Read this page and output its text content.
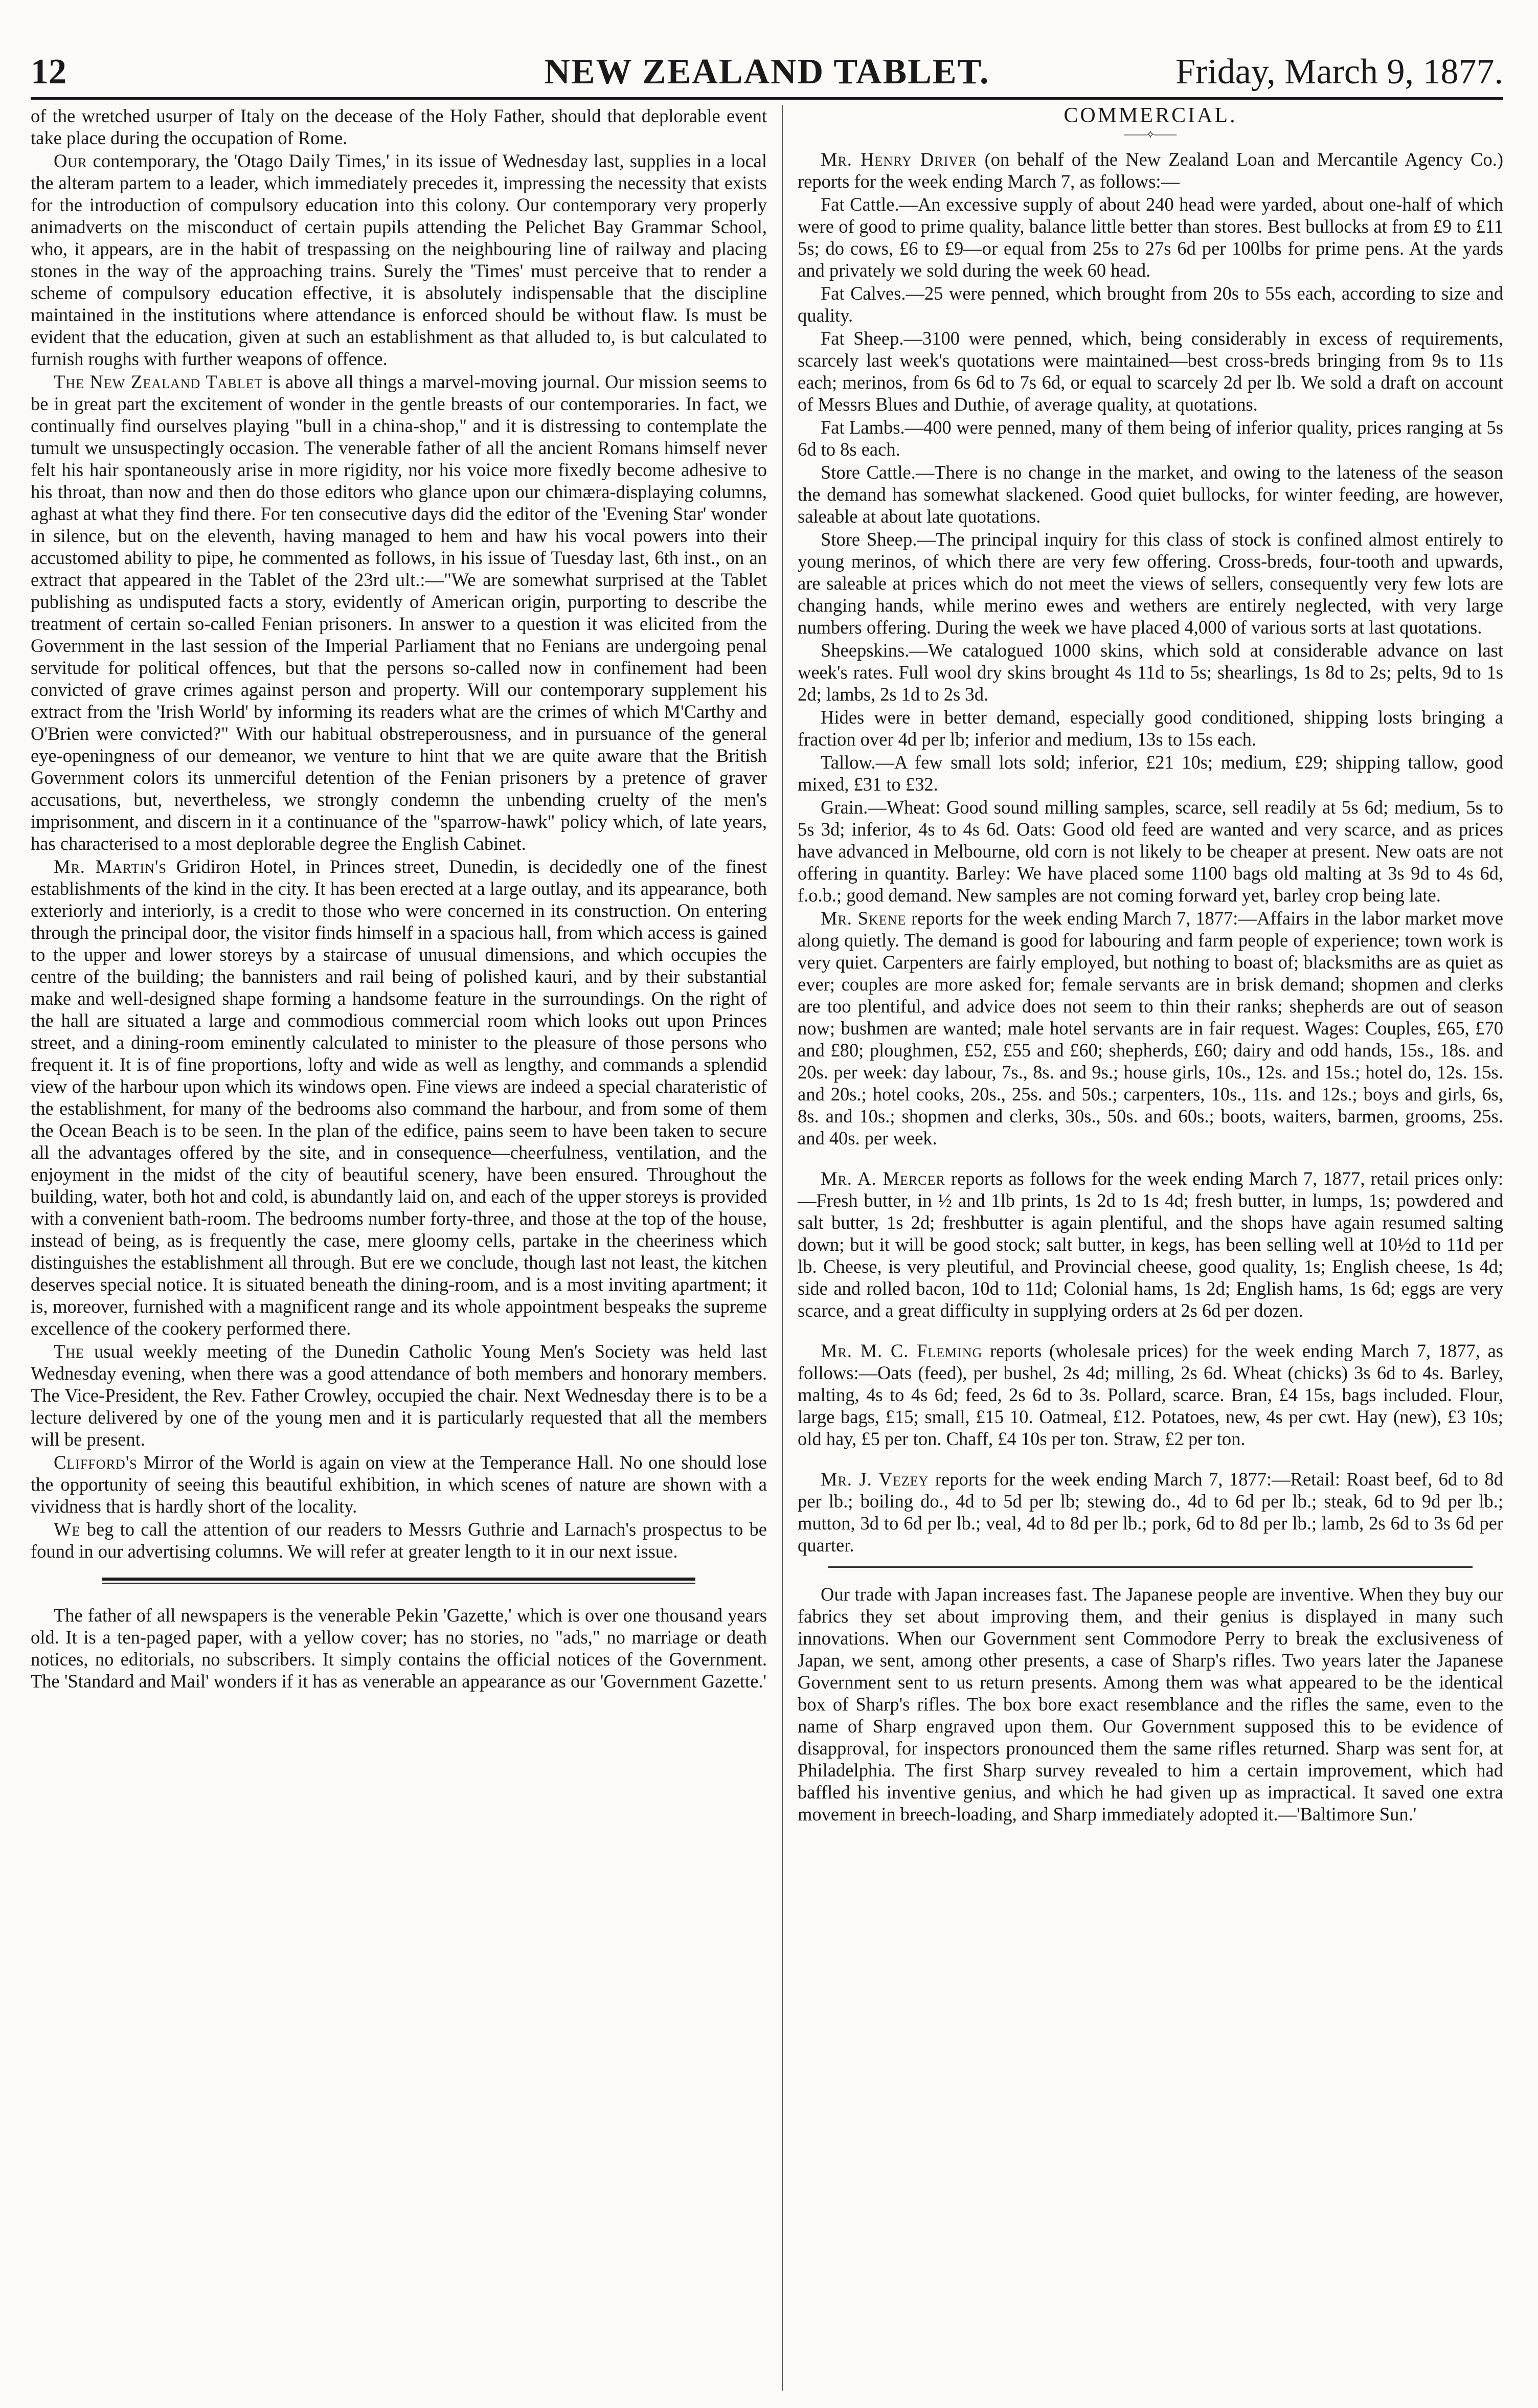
NEW ZEALAND TABLET.
12	Friday, March 9, 1877.

of the wretched usurper of Italy on the decease of the Holy Father, should that deplorable event take place during the occupation of Rome.

Our contemporary, the 'Otago Daily Times,' in its issue of Wednesday last, supplies in a local the alteram partem to a leader, which immediately precedes it, impressing the necessity that exists for the introduction of compulsory education into this colony. Our contemporary very properly animadverts on the misconduct of certain pupils attending the Pelichet Bay Grammar School, who, it appears, are in the habit of trespassing on the neighbouring line of railway and placing stones in the way of the approaching trains. Surely the 'Times' must perceive that to render a scheme of compulsory education effective, it is absolutely indispensable that the discipline maintained in the institutions where attendance is enforced should be without flaw. Is must be evident that the education, given at such an establishment as that alluded to, is but calculated to furnish roughs with further weapons of offence.

The New Zealand Tablet is above all things a marvel-moving journal. Our mission seems to be in great part the excitement of wonder in the gentle breasts of our contemporaries. In fact, we continually find ourselves playing "bull in a china-shop," and it is distressing to contemplate the tumult we unsuspectingly occasion. The venerable father of all the ancient Romans himself never felt his hair spontaneously arise in more rigidity, nor his voice more fixedly become adhesive to his throat, than now and then do those editors who glance upon our chimæra-displaying columns, aghast at what they find there. For ten consecutive days did the editor of the 'Evening Star' wonder in silence, but on the eleventh, having managed to hem and haw his vocal powers into their accustomed ability to pipe, he commented as follows, in his issue of Tuesday last, 6th inst., on an extract that appeared in the Tablet of the 23rd ult.:—"We are somewhat surprised at the Tablet publishing as undisputed facts a story, evidently of American origin, purporting to describe the treatment of certain so-called Fenian prisoners. In answer to a question it was elicited from the Government in the last session of the Imperial Parliament that no Fenians are undergoing penal servitude for political offences, but that the persons so-called now in confinement had been convicted of grave crimes against person and property. Will our contemporary supplement his extract from the 'Irish World' by informing its readers what are the crimes of which M'Carthy and O'Brien were convicted?" With our habitual obstreperousness, and in pursuance of the general eye-openingness of our demeanor, we venture to hint that we are quite aware that the British Government colors its unmerciful detention of the Fenian prisoners by a pretence of graver accusations, but, nevertheless, we strongly condemn the unbending cruelty of the men's imprisonment, and discern in it a continuance of the "sparrow-hawk" policy which, of late years, has characterised to a most deplorable degree the English Cabinet.

Mr. Martin's Gridiron Hotel, in Princes street, Dunedin, is decidedly one of the finest establishments of the kind in the city. It has been erected at a large outlay, and its appearance, both exteriorly and interiorly, is a credit to those who were concerned in its construction. On entering through the principal door, the visitor finds himself in a spacious hall, from which access is gained to the upper and lower storeys by a staircase of unusual dimensions, and which occupies the centre of the building; the bannisters and rail being of polished kauri, and by their substantial make and well-designed shape forming a handsome feature in the surroundings. On the right of the hall are situated a large and commodious commercial room which looks out upon Princes street, and a dining-room eminently calculated to minister to the pleasure of those persons who frequent it. It is of fine proportions, lofty and wide as well as lengthy, and commands a splendid view of the harbour upon which its windows open. Fine views are indeed a special charateristic of the establishment, for many of the bedrooms also command the harbour, and from some of them the Ocean Beach is to be seen. In the plan of the edifice, pains seem to have been taken to secure all the advantages offered by the site, and in consequence—cheerfulness, ventilation, and the enjoyment in the midst of the city of beautiful scenery, have been ensured. Throughout the building, water, both hot and cold, is abundantly laid on, and each of the upper storeys is provided with a convenient bath-room. The bedrooms number forty-three, and those at the top of the house, instead of being, as is frequently the case, mere gloomy cells, partake in the cheeriness which distinguishes the establishment all through. But ere we conclude, though last not least, the kitchen deserves special notice. It is situated beneath the dining-room, and is a most inviting apartment; it is, moreover, furnished with a magnificent range and its whole appointment bespeaks the supreme excellence of the cookery performed there.

The usual weekly meeting of the Dunedin Catholic Young Men's Society was held last Wednesday evening, when there was a good attendance of both members and honorary members. The Vice-President, the Rev. Father Crowley, occupied the chair. Next Wednesday there is to be a lecture delivered by one of the young men and it is particularly requested that all the members will be present.

Clifford's Mirror of the World is again on view at the Temperance Hall. No one should lose the opportunity of seeing this beautiful exhibition, in which scenes of nature are shown with a vividness that is hardly short of the locality.

We beg to call the attention of our readers to Messrs Guthrie and Larnach's prospectus to be found in our advertising columns. We will refer at greater length to it in our next issue.

The father of all newspapers is the venerable Pekin 'Gazette,' which is over one thousand years old. It is a ten-paged paper, with a yellow cover; has no stories, no "ads," no marriage or death notices, no editorials, no subscribers. It simply contains the official notices of the Government. The 'Standard and Mail' wonders if it has as venerable an appearance as our 'Government Gazette.'

COMMERCIAL.
——⟡——

Mr. Henry Driver (on behalf of the New Zealand Loan and Mercantile Agency Co.) reports for the week ending March 7, as follows:—

Fat Cattle.—An excessive supply of about 240 head were yarded, about one-half of which were of good to prime quality, balance little better than stores. Best bullocks at from £9 to £11 5s; do cows, £6 to £9—or equal from 25s to 27s 6d per 100lbs for prime pens. At the yards and privately we sold during the week 60 head.

Fat Calves.—25 were penned, which brought from 20s to 55s each, according to size and quality.

Fat Sheep.—3100 were penned, which, being considerably in excess of requirements, scarcely last week's quotations were maintained—best cross-breds bringing from 9s to 11s each; merinos, from 6s 6d to 7s 6d, or equal to scarcely 2d per lb. We sold a draft on account of Messrs Blues and Duthie, of average quality, at quotations.

Fat Lambs.—400 were penned, many of them being of inferior quality, prices ranging at 5s 6d to 8s each.

Store Cattle.—There is no change in the market, and owing to the lateness of the season the demand has somewhat slackened. Good quiet bullocks, for winter feeding, are however, saleable at about late quotations.

Store Sheep.—The principal inquiry for this class of stock is confined almost entirely to young merinos, of which there are very few offering. Cross-breds, four-tooth and upwards, are saleable at prices which do not meet the views of sellers, consequently very few lots are changing hands, while merino ewes and wethers are entirely neglected, with very large numbers offering. During the week we have placed 4,000 of various sorts at last quotations.

Sheepskins.—We catalogued 1000 skins, which sold at considerable advance on last week's rates. Full wool dry skins brought 4s 11d to 5s; shearlings, 1s 8d to 2s; pelts, 9d to 1s 2d; lambs, 2s 1d to 2s 3d.

Hides were in better demand, especially good conditioned, shipping losts bringing a fraction over 4d per lb; inferior and medium, 13s to 15s each.

Tallow.—A few small lots sold; inferior, £21 10s; medium, £29; shipping tallow, good mixed, £31 to £32.

Grain.—Wheat: Good sound milling samples, scarce, sell readily at 5s 6d; medium, 5s to 5s 3d; inferior, 4s to 4s 6d. Oats: Good old feed are wanted and very scarce, and as prices have advanced in Melbourne, old corn is not likely to be cheaper at present. New oats are not offering in quantity. Barley: We have placed some 1100 bags old malting at 3s 9d to 4s 6d, f.o.b.; good demand. New samples are not coming forward yet, barley crop being late.

Mr. Skene reports for the week ending March 7, 1877:—Affairs in the labor market move along quietly. The demand is good for labouring and farm people of experience; town work is very quiet. Carpenters are fairly employed, but nothing to boast of; blacksmiths are as quiet as ever; couples are more asked for; female servants are in brisk demand; shopmen and clerks are too plentiful, and advice does not seem to thin their ranks; shepherds are out of season now; bushmen are wanted; male hotel servants are in fair request. Wages: Couples, £65, £70 and £80; ploughmen, £52, £55 and £60; shepherds, £60; dairy and odd hands, 15s., 18s. and 20s. per week: day labour, 7s., 8s. and 9s.; house girls, 10s., 12s. and 15s.; hotel do, 12s. 15s. and 20s.; hotel cooks, 20s., 25s. and 50s.; carpenters, 10s., 11s. and 12s.; boys and girls, 6s, 8s. and 10s.; shopmen and clerks, 30s., 50s. and 60s.; boots, waiters, barmen, grooms, 25s. and 40s. per week.

Mr. A. Mercer reports as follows for the week ending March 7, 1877, retail prices only:—Fresh butter, in ½ and 1lb prints, 1s 2d to 1s 4d; fresh butter, in lumps, 1s; powdered and salt butter, 1s 2d; freshbutter is again plentiful, and the shops have again resumed salting down; but it will be good stock; salt butter, in kegs, has been selling well at 10½d to 11d per lb. Cheese, is very pleutiful, and Provincial cheese, good quality, 1s; English cheese, 1s 4d; side and rolled bacon, 10d to 11d; Colonial hams, 1s 2d; English hams, 1s 6d; eggs are very scarce, and a great difficulty in supplying orders at 2s 6d per dozen.

Mr. M. C. Fleming reports (wholesale prices) for the week ending March 7, 1877, as follows:—Oats (feed), per bushel, 2s 4d; milling, 2s 6d. Wheat (chicks) 3s 6d to 4s. Barley, malting, 4s to 4s 6d; feed, 2s 6d to 3s. Pollard, scarce. Bran, £4 15s, bags included. Flour, large bags, £15; small, £15 10. Oatmeal, £12. Potatoes, new, 4s per cwt. Hay (new), £3 10s; old hay, £5 per ton. Chaff, £4 10s per ton. Straw, £2 per ton.

Mr. J. Vezey reports for the week ending March 7, 1877:—Retail: Roast beef, 6d to 8d per lb.; boiling do., 4d to 5d per lb; stewing do., 4d to 6d per lb.; steak, 6d to 9d per lb.; mutton, 3d to 6d per lb.; veal, 4d to 8d per lb.; pork, 6d to 8d per lb.; lamb, 2s 6d to 3s 6d per quarter.

Our trade with Japan increases fast. The Japanese people are inventive. When they buy our fabrics they set about improving them, and their genius is displayed in many such innovations. When our Government sent Commodore Perry to break the exclusiveness of Japan, we sent, among other presents, a case of Sharp's rifles. Two years later the Japanese Government sent to us return presents. Among them was what appeared to be the identical box of Sharp's rifles. The box bore exact resemblance and the rifles the same, even to the name of Sharp engraved upon them. Our Government supposed this to be evidence of disapproval, for inspectors pronounced them the same rifles returned. Sharp was sent for, at Philadelphia. The first Sharp survey revealed to him a certain improvement, which had baffled his inventive genius, and which he had given up as impractical. It saved one extra movement in breech-loading, and Sharp immediately adopted it.—'Baltimore Sun.'
